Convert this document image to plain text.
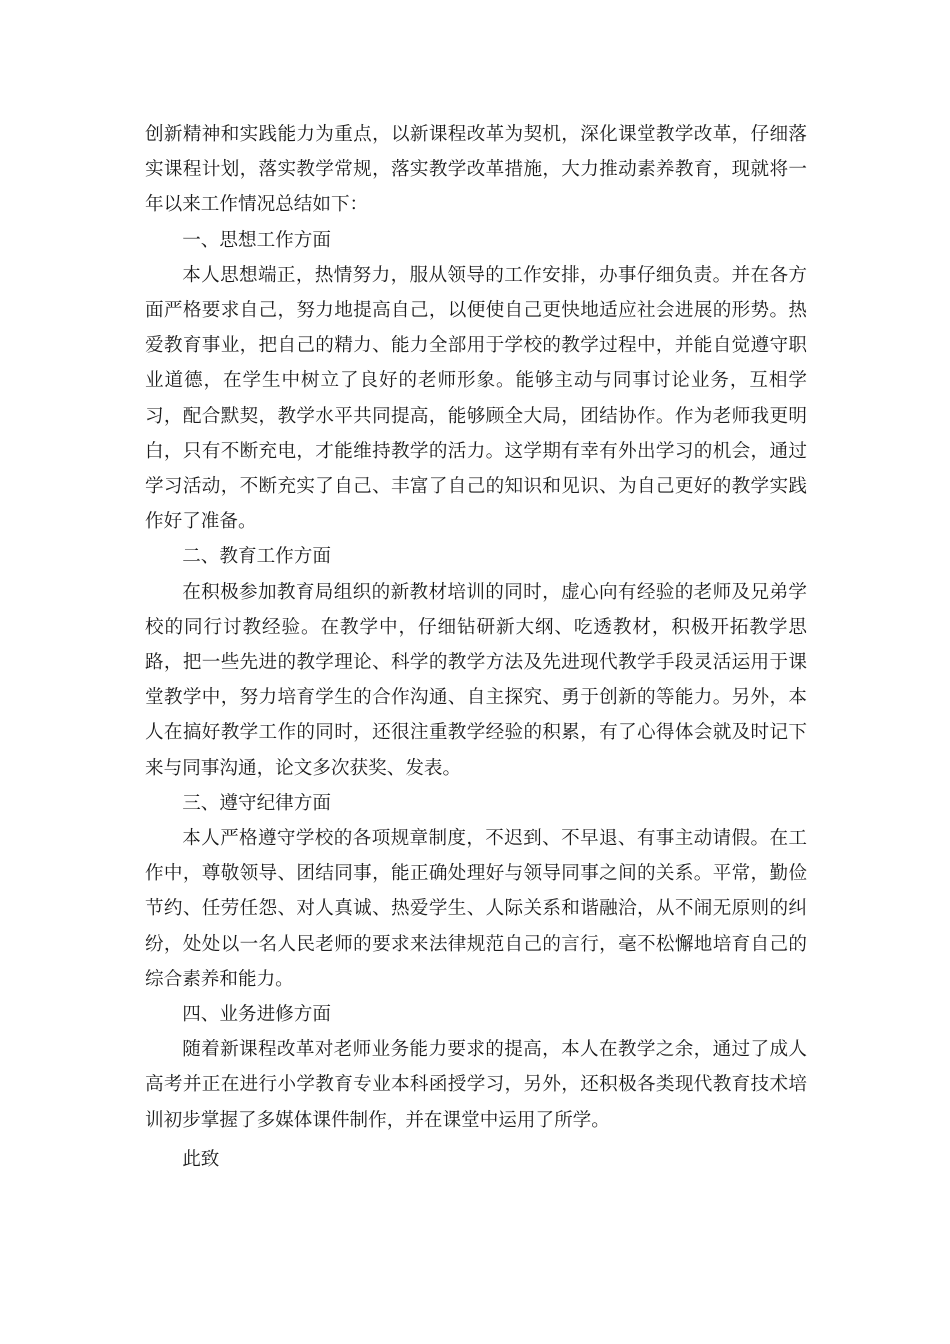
创新精神和实践能力为重点，以新课程改革为契机，深化课堂教学改革，仔细落实课程计划，落实教学常规，落实教学改革措施，大力推动素养教育，现就将一年以来工作情况总结如下：

一、思想工作方面

本人思想端正，热情努力，服从领导的工作安排，办事仔细负责。并在各方面严格要求自己，努力地提高自己，以便使自己更快地适应社会进展的形势。热爱教育事业，把自己的精力、能力全部用于学校的教学过程中，并能自觉遵守职业道德，在学生中树立了良好的老师形象。能够主动与同事讨论业务，互相学习，配合默契，教学水平共同提高，能够顾全大局，团结协作。作为老师我更明白，只有不断充电，才能维持教学的活力。这学期有幸有外出学习的机会，通过学习活动，不断充实了自己、丰富了自己的知识和见识、为自己更好的教学实践作好了准备。

二、教育工作方面

在积极参加教育局组织的新教材培训的同时，虚心向有经验的老师及兄弟学校的同行讨教经验。在教学中，仔细钻研新大纲、吃透教材，积极开拓教学思路，把一些先进的教学理论、科学的教学方法及先进现代教学手段灵活运用于课堂教学中，努力培育学生的合作沟通、自主探究、勇于创新的等能力。另外，本人在搞好教学工作的同时，还很注重教学经验的积累，有了心得体会就及时记下来与同事沟通，论文多次获奖、发表。

三、遵守纪律方面

本人严格遵守学校的各项规章制度，不迟到、不早退、有事主动请假。在工作中，尊敬领导、团结同事，能正确处理好与领导同事之间的关系。平常，勤俭节约、任劳任怨、对人真诚、热爱学生、人际关系和谐融洽，从不闹无原则的纠纷，处处以一名人民老师的要求来法律规范自己的言行，毫不松懈地培育自己的综合素养和能力。

四、业务进修方面

随着新课程改革对老师业务能力要求的提高，本人在教学之余，通过了成人高考并正在进行小学教育专业本科函授学习，另外，还积极各类现代教育技术培训初步掌握了多媒体课件制作，并在课堂中运用了所学。

此致
